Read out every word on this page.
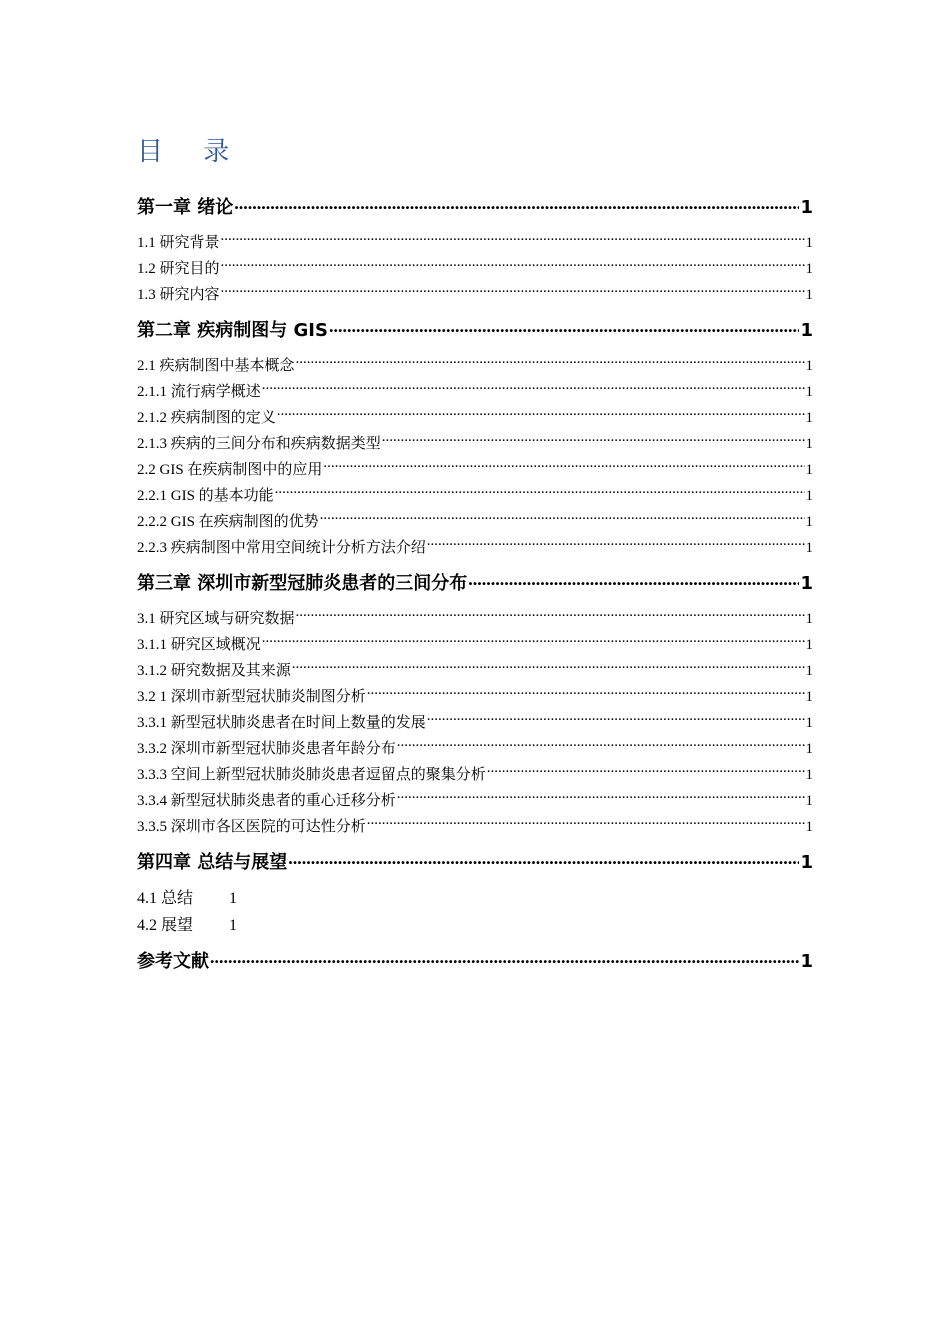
目 录
第一章 绪论 .....	1
1.1 研究背景 .....	1
1.2 研究目的 .....	1
1.3 研究内容 .....	1
第二章 疾病制图与 GIS .....	1
2.1 疾病制图中基本概念 .....	1
2.1.1 流行病学概述 .....	1
2.1.2 疾病制图的定义 .....	1
2.1.3 疾病的三间分布和疾病数据类型 .....	1
2.2 GIS 在疾病制图中的应用 .....	1
2.2.1 GIS 的基本功能 .....	1
2.2.2 GIS 在疾病制图的优势 .....	1
2.2.3 疾病制图中常用空间统计分析方法介绍 .....	1
第三章 深圳市新型冠肺炎患者的三间分布 .....	1
3.1 研究区域与研究数据 .....	1
3.1.1 研究区域概况 .....	1
3.1.2 研究数据及其来源 .....	1
3.2 1 深圳市新型冠状肺炎制图分析 .....	1
3.3.1 新型冠状肺炎患者在时间上数量的发展 .....	1
3.3.2 深圳市新型冠状肺炎患者年龄分布 .....	1
3.3.3 空间上新型冠状肺炎肺炎患者逗留点的聚集分析 .....	1
3.3.4 新型冠状肺炎患者的重心迁移分析 .....	1
3.3.5 深圳市各区医院的可达性分析 .....	1
第四章 总结与展望 .....	1
4.1 总结 1
4.2 展望 1
参考文献 .....	1
